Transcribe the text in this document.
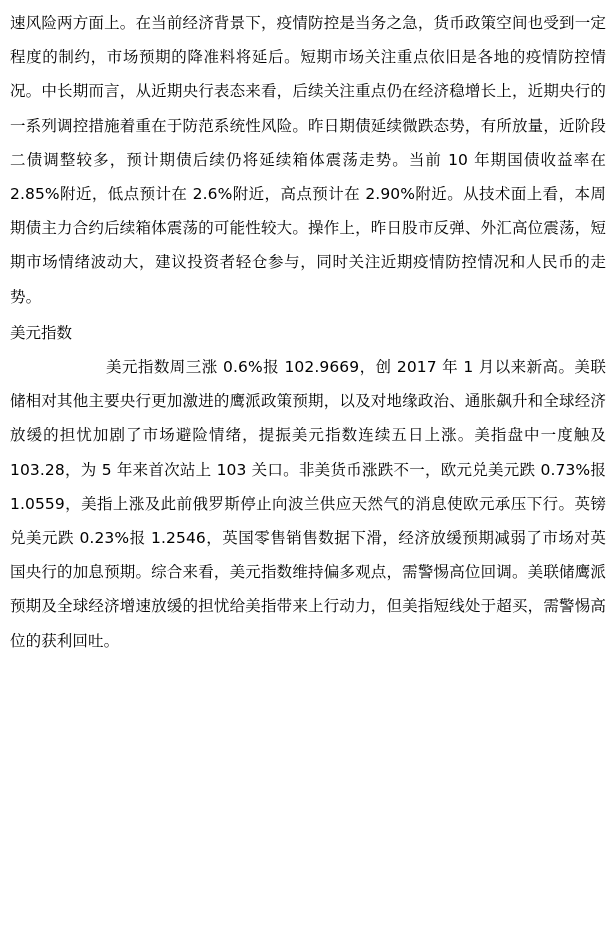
速风险两方面上。在当前经济背景下，疫情防控是当务之急，货币政策空间也受到一定程度的制约，市场预期的降准料将延后。短期市场关注重点依旧是各地的疫情防控情况。中长期而言，从近期央行表态来看，后续关注重点仍在经济稳增长上，近期央行的一系列调控措施着重在于防范系统性风险。昨日期债延续微跌态势，有所放量，近阶段二债调整较多，预计期债后续仍将延续箱体震荡走势。当前 10 年期国债收益率在 2.85%附近，低点预计在 2.6%附近，高点预计在 2.90%附近。从技术面上看，本周期债主力合约后续箱体震荡的可能性较大。操作上，昨日股市反弹、外汇高位震荡，短期市场情绪波动大，建议投资者轻仓参与，同时关注近期疫情防控情况和人民币的走势。

美元指数

美元指数周三涨 0.6%报 102.9669，创 2017 年 1 月以来新高。美联储相对其他主要央行更加激进的鹰派政策预期，以及对地缘政治、通胀飙升和全球经济放缓的担忧加剧了市场避险情绪，提振美元指数连续五日上涨。美指盘中一度触及 103.28，为 5 年来首次站上 103 关口。非美货币涨跌不一，欧元兑美元跌 0.73%报 1.0559，美指上涨及此前俄罗斯停止向波兰供应天然气的消息使欧元承压下行。英镑兑美元跌 0.23%报 1.2546，英国零售销售数据下滑，经济放缓预期减弱了市场对英国央行的加息预期。综合来看，美元指数维持偏多观点，需警惕高位回调。美联储鹰派预期及全球经济增速放缓的担忧给美指带来上行动力，但美指短线处于超买，需警惕高位的获利回吐。
